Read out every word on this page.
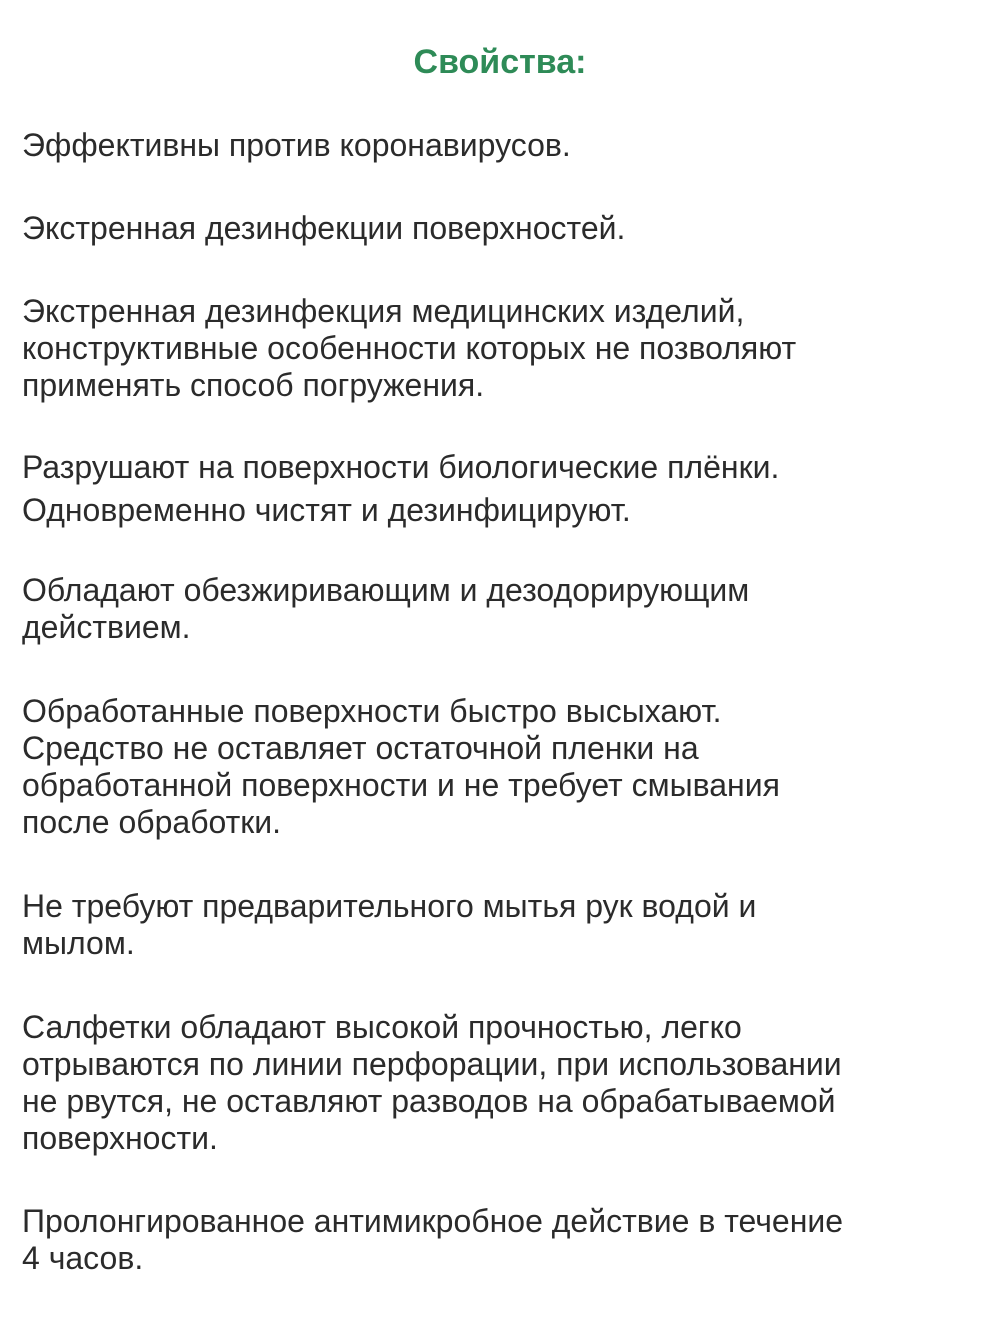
Свойства:

Эффективны против коронавирусов.

Экстренная дезинфекции поверхностей.

Экстренная дезинфекция медицинских изделий,
конструктивные особенности которых не позволяют
применять способ погружения.

Разрушают на поверхности биологические плёнки.
Одновременно чистят и дезинфицируют.

Обладают обезжиривающим и дезодорирующим
действием.

Обработанные поверхности быстро высыхают.
Средство не оставляет остаточной пленки на
обработанной поверхности и не требует смывания
после обработки.

Не требуют предварительного мытья рук водой и
мылом.

Салфетки обладают высокой прочностью, легко
отрываются по линии перфорации, при использовании
не рвутся, не оставляют разводов на обрабатываемой
поверхности.

Пролонгированное антимикробное действие в течение
4 часов.
